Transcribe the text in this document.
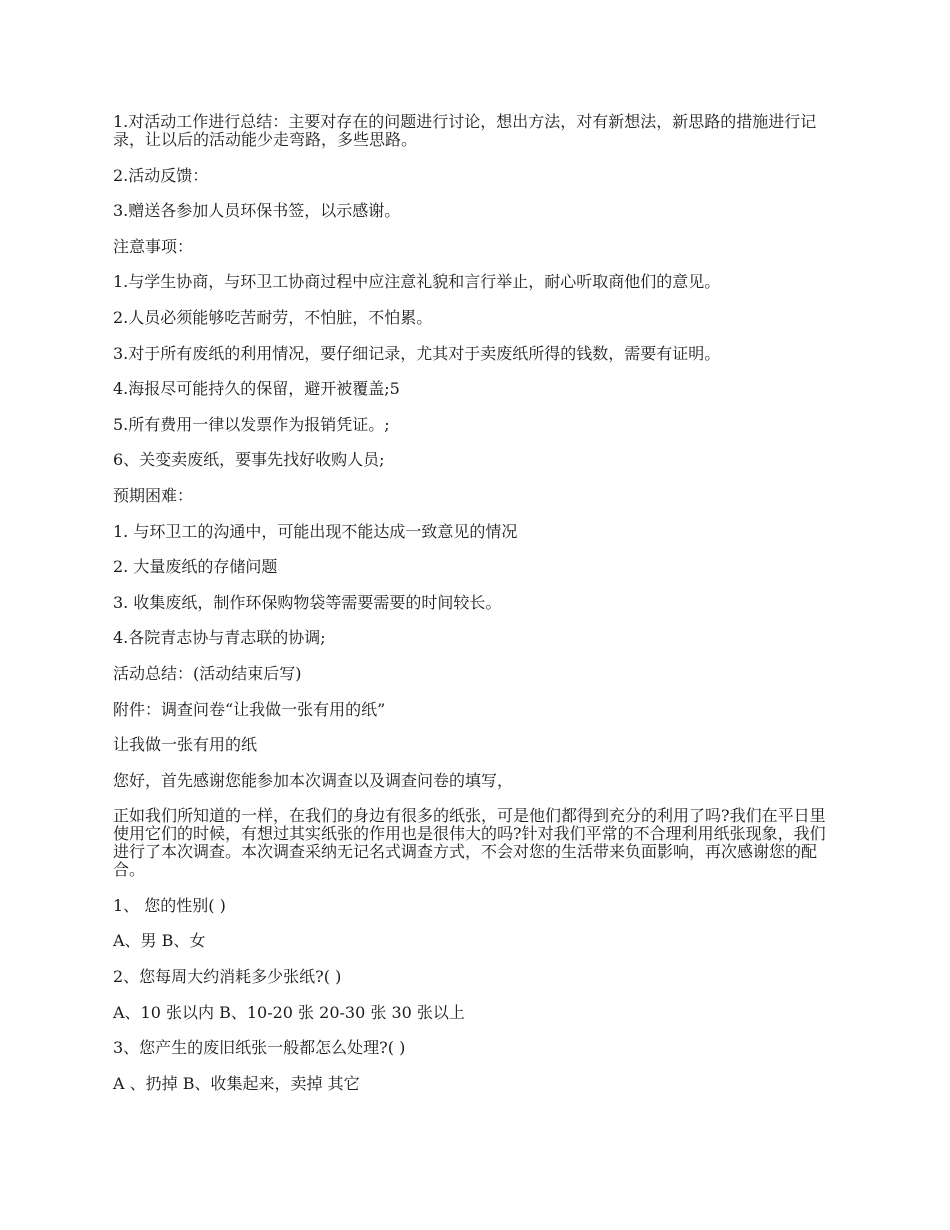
1.对活动工作进行总结：主要对存在的问题进行讨论，想出方法，对有新想法，新思路的措施进行记录，让以后的活动能少走弯路，多些思路。

2.活动反馈：

3.赠送各参加人员环保书签，以示感谢。

注意事项：

1.与学生协商，与环卫工协商过程中应注意礼貌和言行举止，耐心听取商他们的意见。

2.人员必须能够吃苦耐劳，不怕脏，不怕累。

3.对于所有废纸的利用情况，要仔细记录，尤其对于卖废纸所得的钱数，需要有证明。

4.海报尽可能持久的保留，避开被覆盖;5

5.所有费用一律以发票作为报销凭证。;

6、关变卖废纸，要事先找好收购人员;

预期困难：

1. 与环卫工的沟通中，可能出现不能达成一致意见的情况

2. 大量废纸的存储问题

3. 收集废纸，制作环保购物袋等需要需要的时间较长。

4.各院青志协与青志联的协调;

活动总结：(活动结束后写)

附件：调查问卷“让我做一张有用的纸”

让我做一张有用的纸

您好，首先感谢您能参加本次调查以及调查问卷的填写，

正如我们所知道的一样，在我们的身边有很多的纸张，可是他们都得到充分的利用了吗?我们在平日里使用它们的时候，有想过其实纸张的作用也是很伟大的吗?针对我们平常的不合理利用纸张现象，我们进行了本次调查。本次调查采纳无记名式调查方式，不会对您的生活带来负面影响，再次感谢您的配合。

1、 您的性别( )

A、男 B、女

2、您每周大约消耗多少张纸?( )

A、10 张以内 B、10-20 张 20-30 张 30 张以上

3、您产生的废旧纸张一般都怎么处理?( )

A 、扔掉 B、收集起来，卖掉 其它
